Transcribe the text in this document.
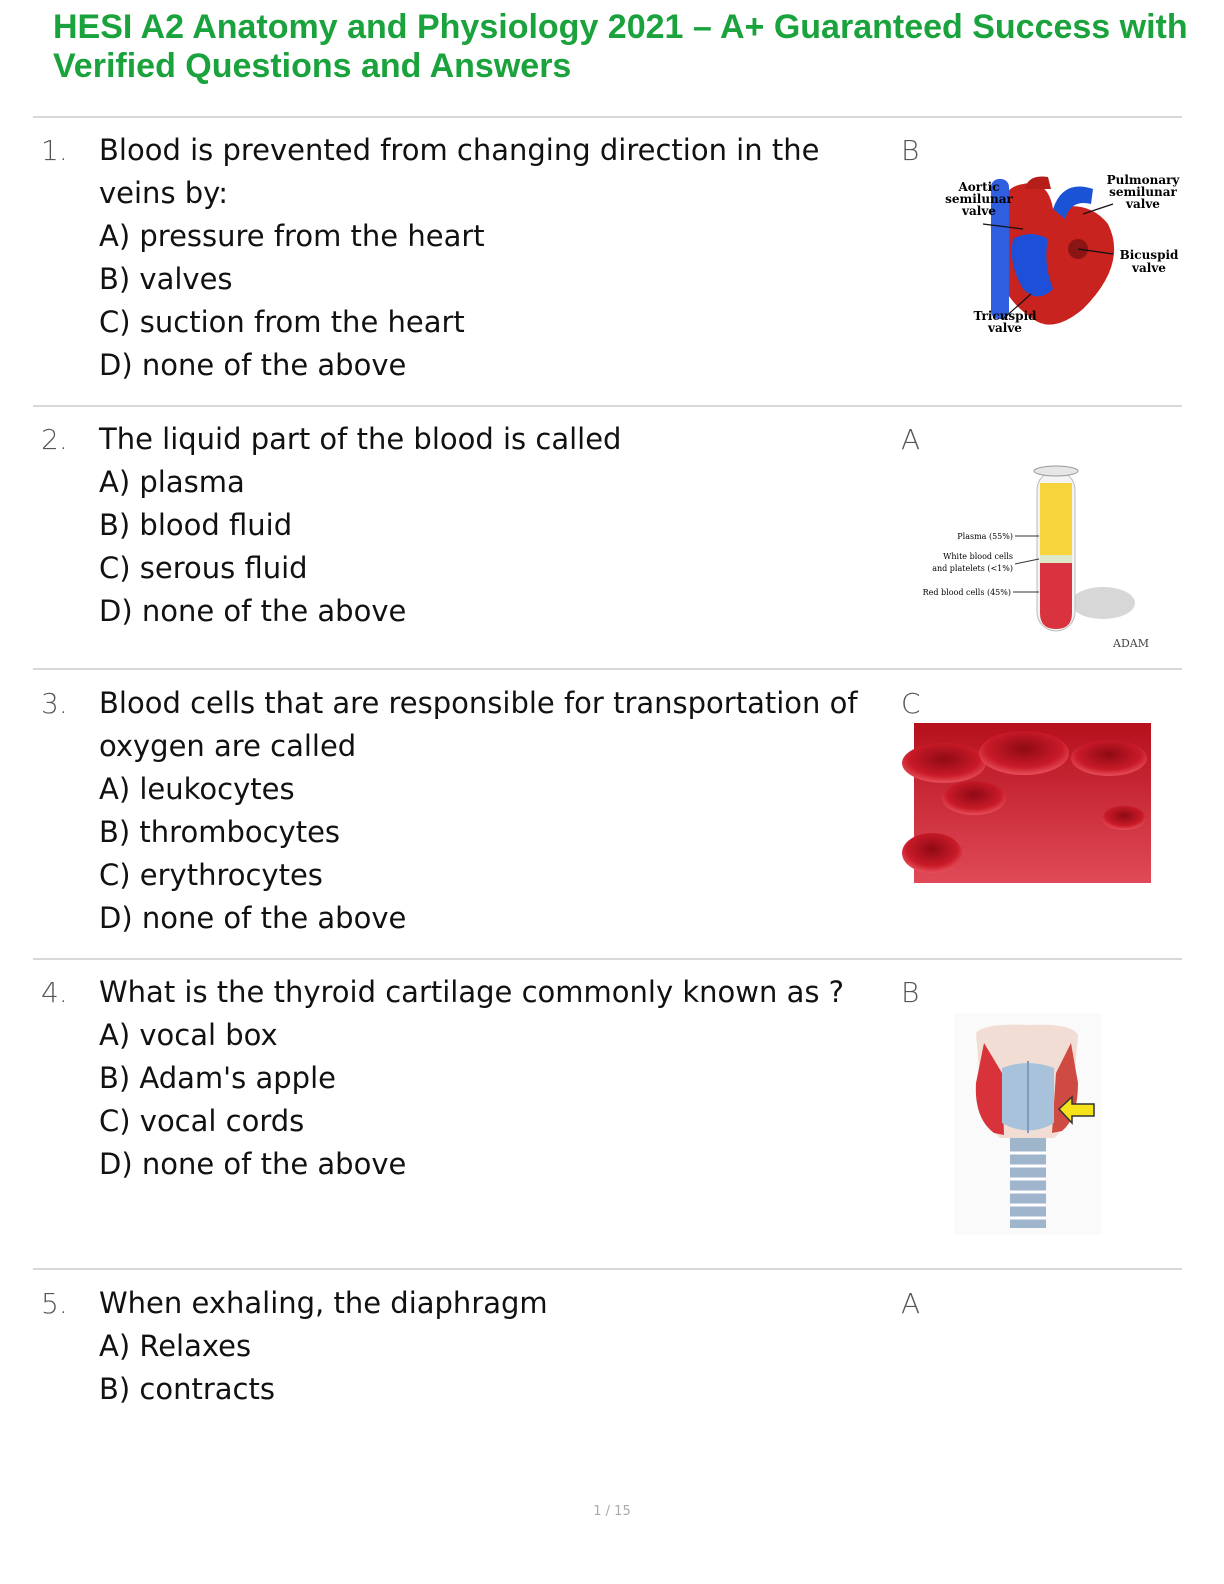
HESI A2 Anatomy and Physiology 2021 – A+ Guaranteed Success with Verified Questions and Answers
1. Blood is prevented from changing direction in the veins by:
A) pressure from the heart
B) valves
C) suction from the heart
D) none of the above
B
Aortic
semilunar
valve
Pulmonary
semilunar
valve
Bicuspid
valve
Tricuspid
valve
2. The liquid part of the blood is called
A) plasma
B) blood fluid
C) serous fluid
D) none of the above
A
Plasma (55%)
White blood cells
and platelets (<1%)
Red blood cells (45%)
ADAM
3. Blood cells that are responsible for transportation of oxygen are called
A) leukocytes
B) thrombocytes
C) erythrocytes
D) none of the above
C
4. What is the thyroid cartilage commonly known as ?
A) vocal box
B) Adam's apple
C) vocal cords
D) none of the above
B
5. When exhaling, the diaphragm
A) Relaxes
B) contracts
A
1 / 15
